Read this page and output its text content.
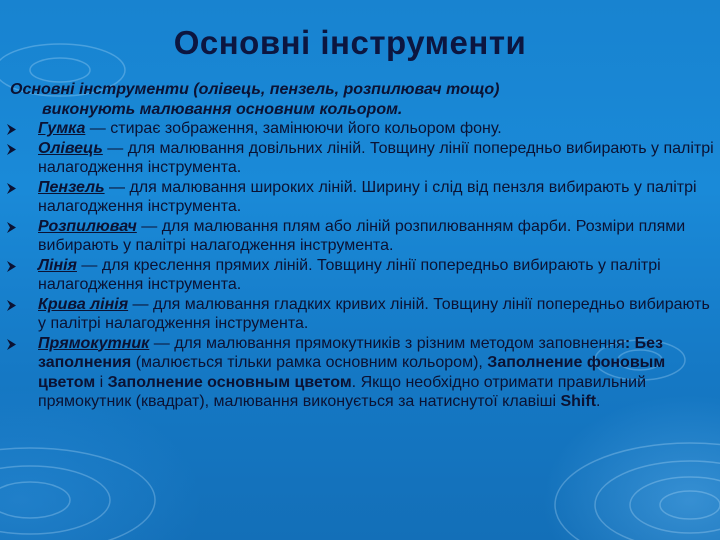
Основні інструменти
Основні інструменти (олівець, пензель, розпилювач тощо)
виконують малювання основним кольором.
Гумка — стирає зображення, замінюючи його кольором фону.
Олівець — для малювання довільних ліній. Товщину лінії попередньо вибирають у палітрі налагодження інструмента.
Пензель — для малювання широких ліній. Ширину і слід від пензля вибирають у палітрі налагодження інструмента.
Розпилювач — для малювання плям або ліній розпилюванням фарби. Розміри плями вибирають у палітрі налагодження інструмента.
Лінія — для креслення прямих ліній. Товщину лінії попередньо вибирають у палітрі налагодження інструмента.
Крива лінія — для малювання гладких кривих ліній. Товщину лінії попередньо вибирають у палітрі налагодження інструмента.
Прямокутник — для малювання прямокутників з різним методом заповнення: Без заполнения (малюється тільки рамка основним кольором), Заполнение фоновым цветом і Заполнение основным цветом. Якщо необхідно отримати правильний прямокутник (квадрат), малювання виконується за натиснутої клавіші Shift.
